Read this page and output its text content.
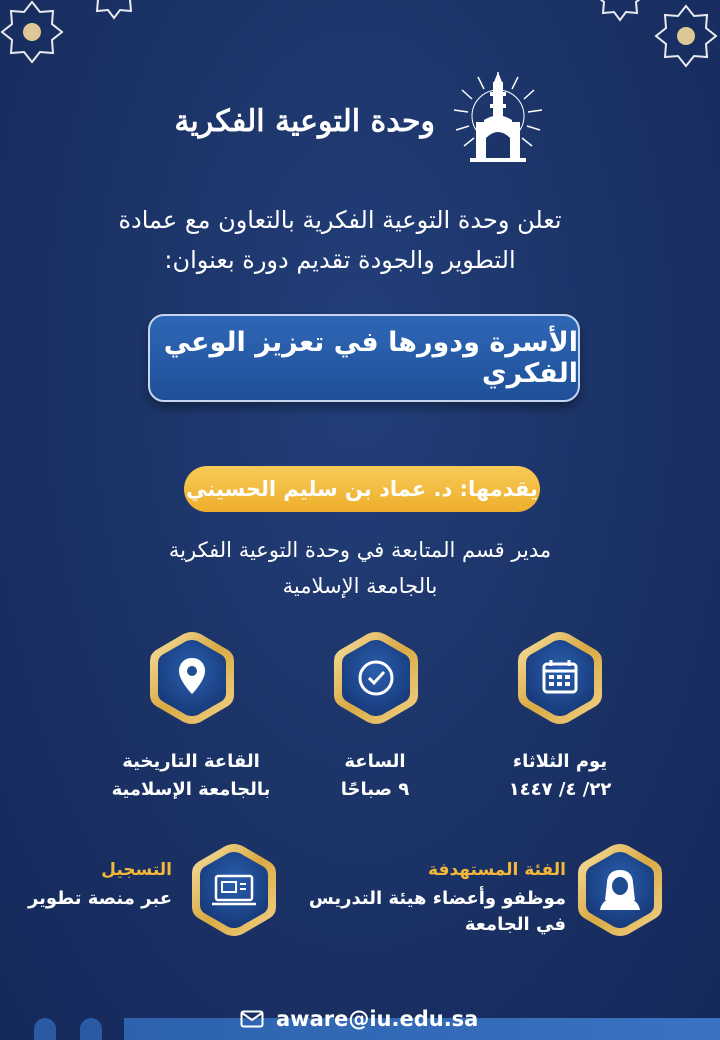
وحدة التوعية الفكرية
تعلن وحدة التوعية الفكرية بالتعاون مع عمادة
التطوير والجودة تقديم دورة بعنوان:
الأسرة ودورها في تعزيز الوعي الفكري
يقدمها: د. عماد بن سليم الحسيني
مدير قسم المتابعة في وحدة التوعية الفكرية
بالجامعة الإسلامية
القاعة التاريخية
بالجامعة الإسلامية
الساعة
٩ صباحًا
يوم الثلاثاء
٢٢/ ٤/ ١٤٤٧
التسجيل
عبر منصة تطوير
الفئة المستهدفة
موظفو وأعضاء هيئة التدريس
في الجامعة
aware@iu.edu.sa
